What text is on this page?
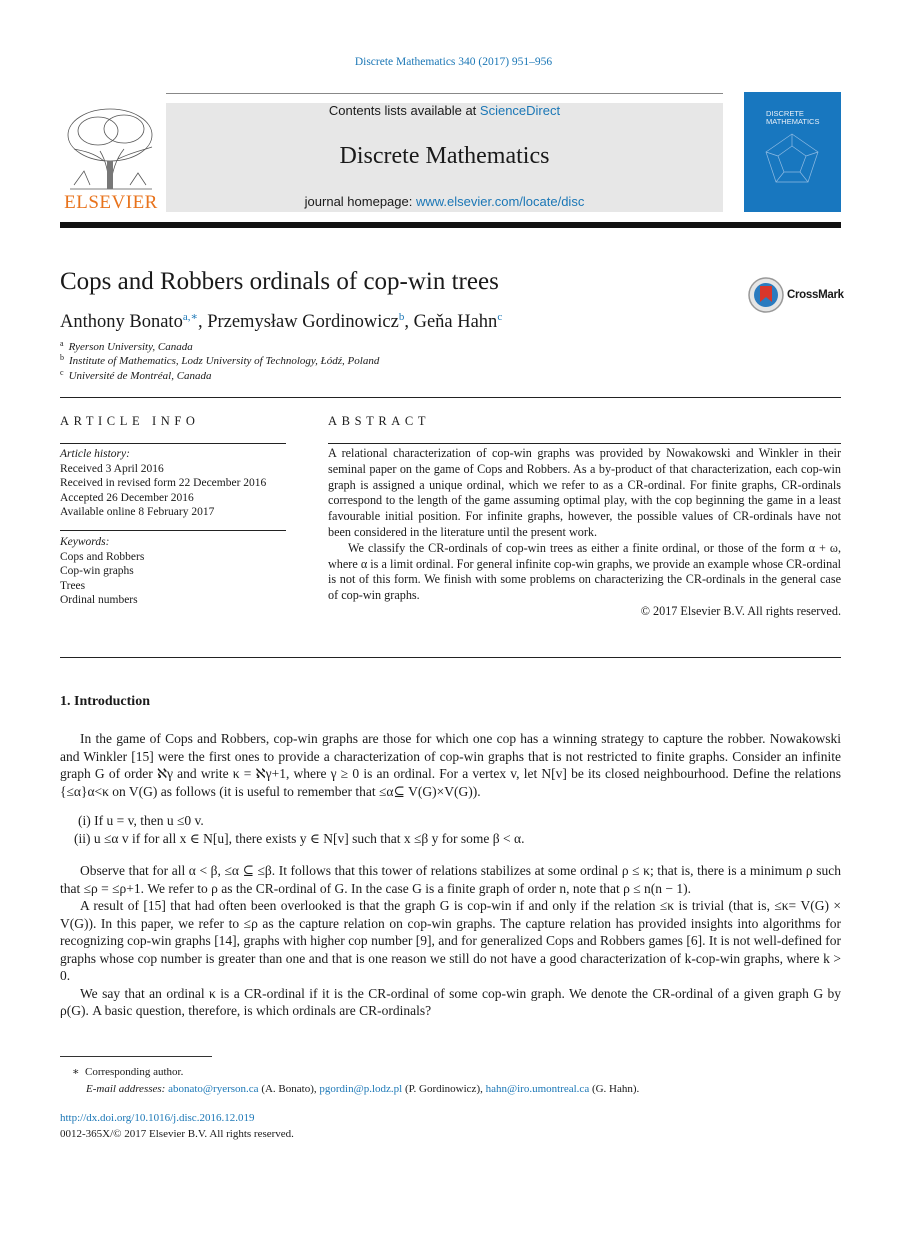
Discrete Mathematics 340 (2017) 951–956
Contents lists available at ScienceDirect
Discrete Mathematics
journal homepage: www.elsevier.com/locate/disc
ELSEVIER
DISCRETE
MATHEMATICS
Cops and Robbers ordinals of cop-win trees	CrossMark
Anthony Bonato$^{a,∗}$, Przemysław Gordinowicz$^b$, Geňa Hahn$^c$
$^a$ Ryerson University, Canada
$^b$ Institute of Mathematics, Lodz University of Technology, Łódź, Poland
$^c$ Université de Montréal, Canada
ARTICLE INFO	ABSTRACT
Article history:
Received 3 April 2016
Received in revised form 22 December 2016
Accepted 26 December 2016
Available online 8 February 2017
Keywords:
Cops and Robbers
Cop-win graphs
Trees
Ordinal numbers

A relational characterization of cop-win graphs was provided by Nowakowski and Winkler in their seminal paper on the game of Cops and Robbers. As a by-product of that characterization, each cop-win graph is assigned a unique ordinal, which we refer to as a CR-ordinal. For finite graphs, CR-ordinals correspond to the length of the game assuming optimal play, with the cop beginning the game in a least favourable initial position. For infinite graphs, however, the possible values of CR-ordinals have not been considered in the literature until the present work.

We classify the CR-ordinals of cop-win trees as either a finite ordinal, or those of the form α + ω, where α is a limit ordinal. For general infinite cop-win graphs, we provide an example whose CR-ordinal is not of this form. We finish with some problems on characterizing the CR-ordinals in the general case of cop-win graphs.

© 2017 Elsevier B.V. All rights reserved.

1. Introduction

In the game of Cops and Robbers, cop-win graphs are those for which one cop has a winning strategy to capture the robber. Nowakowski and Winkler [15] were the first ones to provide a characterization of cop-win graphs that is not restricted to finite graphs. Consider an infinite graph G of order ℵγ and write κ = ℵγ+1, where γ ≥ 0 is an ordinal. For a vertex v, let N[v] be its closed neighbourhood. Define the relations {≤α}α<κ on V(G) as follows (it is useful to remember that ≤α⊆ V(G)×V(G)).

(i) If u = v, then u ≤0 v.
(ii) u ≤α v if for all x ∈ N[u], there exists y ∈ N[v] such that x ≤β y for some β < α.

Observe that for all α < β, ≤α ⊆ ≤β. It follows that this tower of relations stabilizes at some ordinal ρ ≤ κ; that is, there is a minimum ρ such that ≤ρ = ≤ρ+1. We refer to ρ as the CR-ordinal of G. In the case G is a finite graph of order n, note that ρ ≤ n(n − 1).

A result of [15] that had often been overlooked is that the graph G is cop-win if and only if the relation ≤κ is trivial (that is, ≤κ= V(G) × V(G)). In this paper, we refer to ≤ρ as the capture relation on cop-win graphs. The capture relation has provided insights into algorithms for recognizing cop-win graphs [14], graphs with higher cop number [9], and for generalized Cops and Robbers games [6]. It is not well-defined for graphs whose cop number is greater than one and that is one reason we still do not have a good characterization of k-cop-win graphs, where k > 0.

We say that an ordinal κ is a CR-ordinal if it is the CR-ordinal of some cop-win graph. We denote the CR-ordinal of a given graph G by ρ(G). A basic question, therefore, is which ordinals are CR-ordinals?

∗ Corresponding author.
E-mail addresses: abonato@ryerson.ca (A. Bonato), pgordin@p.lodz.pl (P. Gordinowicz), hahn@iro.umontreal.ca (G. Hahn).
http://dx.doi.org/10.1016/j.disc.2016.12.019
0012-365X/© 2017 Elsevier B.V. All rights reserved.
